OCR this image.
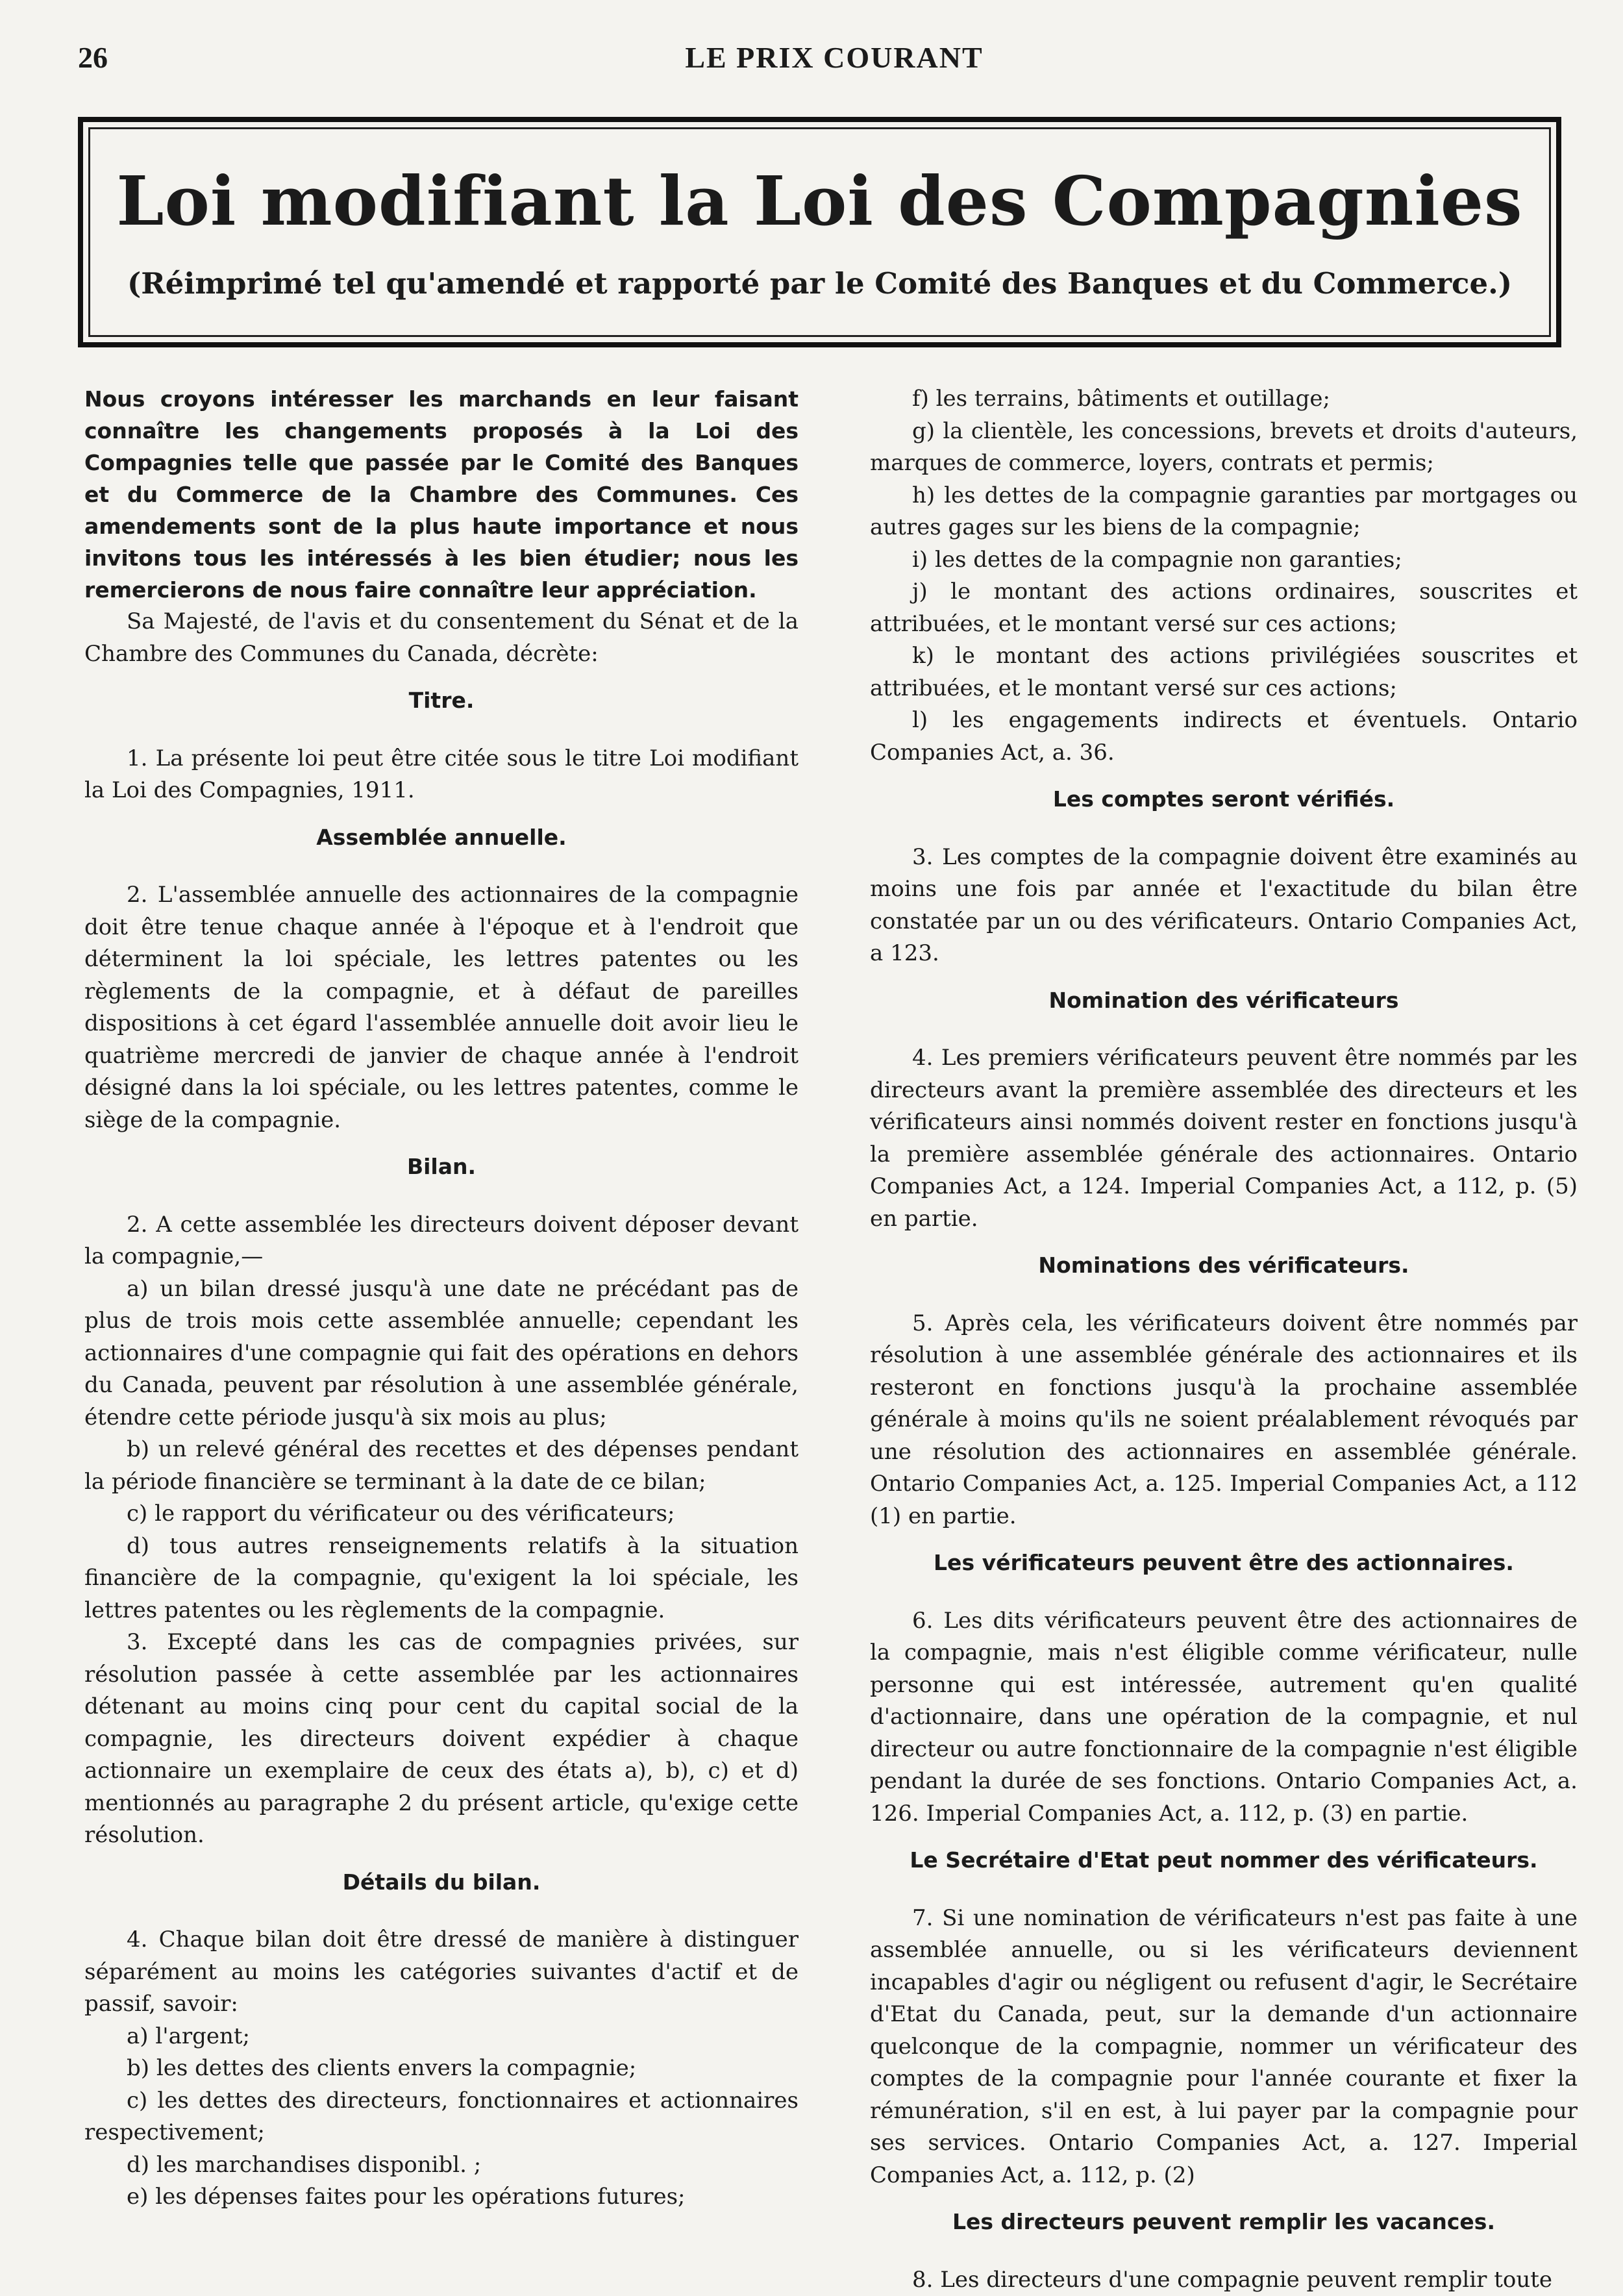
26	LE PRIX COURANT
Loi modifiant la Loi des Compagnies
(Réimprimé tel qu'amendé et rapporté par le Comité des Banques et du Commerce.)

Nous croyons intéresser les marchands en leur faisant connaître les changements proposés à la Loi des Compagnies telle que passée par le Comité des Banques et du Commerce de la Chambre des Communes. Ces amendements sont de la plus haute importance et nous invitons tous les intéressés à les bien étudier; nous les remercierons de nous faire connaître leur appréciation.

Sa Majesté, de l'avis et du consentement du Sénat et de la Chambre des Communes du Canada, décrète:

Titre.

1. La présente loi peut être citée sous le titre Loi modifiant la Loi des Compagnies, 1911.

Assemblée annuelle.

2. L'assemblée annuelle des actionnaires de la compagnie doit être tenue chaque année à l'époque et à l'endroit que déterminent la loi spéciale, les lettres patentes ou les règlements de la compagnie, et à défaut de pareilles dispositions à cet égard l'assemblée annuelle doit avoir lieu le quatrième mercredi de janvier de chaque année à l'endroit désigné dans la loi spéciale, ou les lettres patentes, comme le siège de la compagnie.

Bilan.

2. A cette assemblée les directeurs doivent déposer devant la compagnie,—

a) un bilan dressé jusqu'à une date ne précédant pas de plus de trois mois cette assemblée annuelle; cependant les actionnaires d'une compagnie qui fait des opérations en dehors du Canada, peuvent par résolution à une assemblée générale, étendre cette période jusqu'à six mois au plus;

b) un relevé général des recettes et des dépenses pendant la période financière se terminant à la date de ce bilan;

c) le rapport du vérificateur ou des vérificateurs;

d) tous autres renseignements relatifs à la situation financière de la compagnie, qu'exigent la loi spéciale, les lettres patentes ou les règlements de la compagnie.

3. Excepté dans les cas de compagnies privées, sur résolution passée à cette assemblée par les actionnaires détenant au moins cinq pour cent du capital social de la compagnie, les directeurs doivent expédier à chaque actionnaire un exemplaire de ceux des états a), b), c) et d) mentionnés au paragraphe 2 du présent article, qu'exige cette résolution.

Détails du bilan.

4. Chaque bilan doit être dressé de manière à distinguer séparément au moins les catégories suivantes d'actif et de passif, savoir:

a) l'argent;

b) les dettes des clients envers la compagnie;

c) les dettes des directeurs, fonctionnaires et actionnaires respectivement;

d) les marchandises disponibl. ;

e) les dépenses faites pour les opérations futures;

f) les terrains, bâtiments et outillage;

g) la clientèle, les concessions, brevets et droits d'auteurs, marques de commerce, loyers, contrats et permis;

h) les dettes de la compagnie garanties par mortgages ou autres gages sur les biens de la compagnie;

i) les dettes de la compagnie non garanties;

j) le montant des actions ordinaires, souscrites et attribuées, et le montant versé sur ces actions;

k) le montant des actions privilégiées souscrites et attribuées, et le montant versé sur ces actions;

l) les engagements indirects et éventuels. Ontario Companies Act, a. 36.

Les comptes seront vérifiés.

3. Les comptes de la compagnie doivent être examinés au moins une fois par année et l'exactitude du bilan être constatée par un ou des vérificateurs. Ontario Companies Act, a 123.

Nomination des vérificateurs

4. Les premiers vérificateurs peuvent être nommés par les directeurs avant la première assemblée des directeurs et les vérificateurs ainsi nommés doivent rester en fonctions jusqu'à la première assemblée générale des actionnaires. Ontario Companies Act, a 124. Imperial Companies Act, a 112, p. (5) en partie.

Nominations des vérificateurs.

5. Après cela, les vérificateurs doivent être nommés par résolution à une assemblée générale des actionnaires et ils resteront en fonctions jusqu'à la prochaine assemblée générale à moins qu'ils ne soient préalablement révoqués par une résolution des actionnaires en assemblée générale. Ontario Companies Act, a. 125. Imperial Companies Act, a 112 (1) en partie.

Les vérificateurs peuvent être des actionnaires.

6. Les dits vérificateurs peuvent être des actionnaires de la compagnie, mais n'est éligible comme vérificateur, nulle personne qui est intéressée, autrement qu'en qualité d'actionnaire, dans une opération de la compagnie, et nul directeur ou autre fonctionnaire de la compagnie n'est éligible pendant la durée de ses fonctions. Ontario Companies Act, a. 126. Imperial Companies Act, a. 112, p. (3) en partie.

Le Secrétaire d'Etat peut nommer des vérificateurs.

7. Si une nomination de vérificateurs n'est pas faite à une assemblée annuelle, ou si les vérificateurs deviennent incapables d'agir ou négligent ou refusent d'agir, le Secrétaire d'Etat du Canada, peut, sur la demande d'un actionnaire quelconque de la compagnie, nommer un vérificateur des comptes de la compagnie pour l'année courante et fixer la rémunération, s'il en est, à lui payer par la compagnie pour ses services. Ontario Companies Act, a. 127. Imperial Companies Act, a. 112, p. (2)

Les directeurs peuvent remplir les vacances.

8. Les directeurs d'une compagnie peuvent remplir toute
